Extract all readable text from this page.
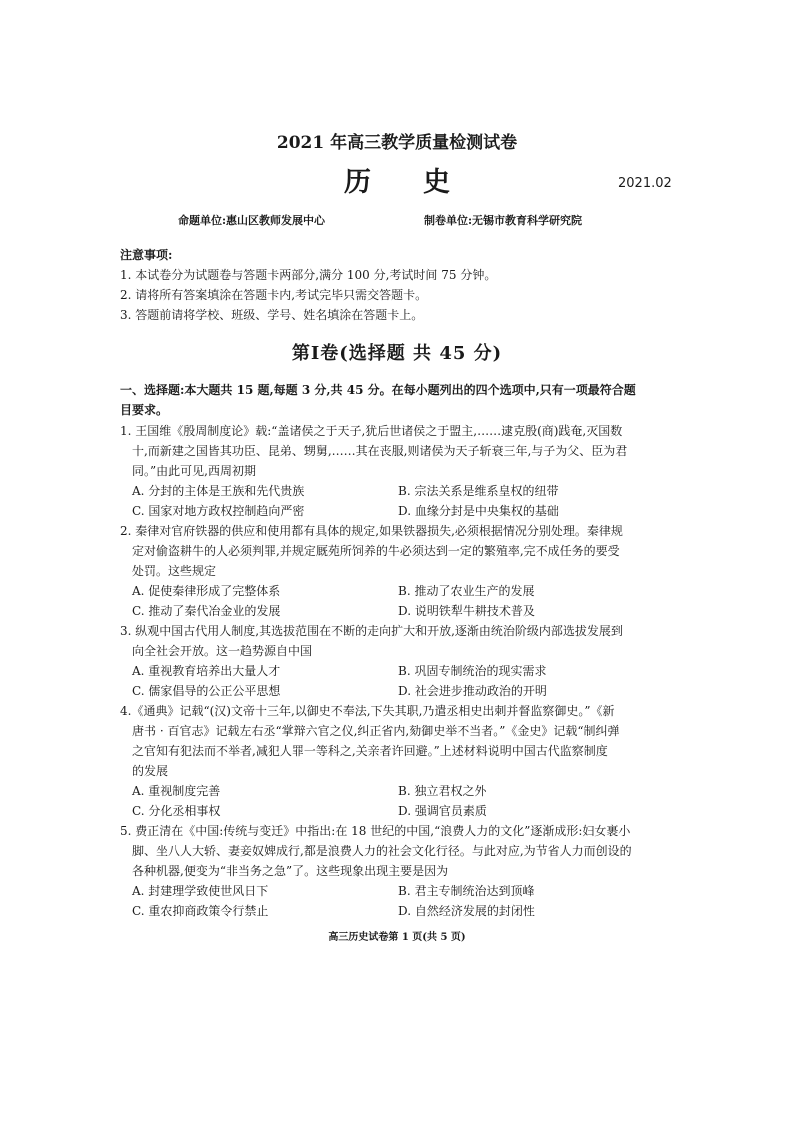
2021 年高三教学质量检测试卷
历史	2021.02
命题单位:惠山区教师发展中心	制卷单位:无锡市教育科学研究院
注意事项:
1. 本试卷分为试题卷与答题卡两部分,满分 100 分,考试时间 75 分钟。
2. 请将所有答案填涂在答题卡内,考试完毕只需交答题卡。
3. 答题前请将学校、班级、学号、姓名填涂在答题卡上。
第Ⅰ卷(选择题 共 45 分)
一、选择题:本大题共 15 题,每题 3 分,共 45 分。在每小题列出的四个选项中,只有一项最符合题
目要求。
1. 王国维《殷周制度论》载:“盖诸侯之于天子,犹后世诸侯之于盟主,……逮克殷(商)践奄,灭国数
十,而新建之国皆其功臣、昆弟、甥舅,……其在丧服,则诸侯为天子斩衰三年,与子为父、臣为君
同。”由此可见,西周初期
A. 分封的主体是王族和先代贵族	B. 宗法关系是维系皇权的纽带
C. 国家对地方政权控制趋向严密	D. 血缘分封是中央集权的基础
2. 秦律对官府铁器的供应和使用都有具体的规定,如果铁器损失,必须根据情况分别处理。秦律规
定对偷盗耕牛的人必须判罪,并规定厩苑所饲养的牛必须达到一定的繁殖率,完不成任务的要受
处罚。这些规定
A. 促使秦律形成了完整体系	B. 推动了农业生产的发展
C. 推动了秦代冶金业的发展	D. 说明铁犁牛耕技术普及
3. 纵观中国古代用人制度,其选拔范围在不断的走向扩大和开放,逐渐由统治阶级内部选拔发展到
向全社会开放。这一趋势源自中国
A. 重视教育培养出大量人才	B. 巩固专制统治的现实需求
C. 儒家倡导的公正公平思想	D. 社会进步推动政治的开明
4.《通典》记载“(汉)文帝十三年,以御史不奉法,下失其职,乃遣丞相史出刺并督监察御史。”《新
唐书 · 百官志》记载左右丞“掌辩六官之仪,纠正省内,劾御史举不当者。”《金史》记载“制纠弹
之官知有犯法而不举者,减犯人罪一等科之,关亲者许回避。”上述材料说明中国古代监察制度
的发展
A. 重视制度完善	B. 独立君权之外
C. 分化丞相事权	D. 强调官员素质
5. 费正清在《中国:传统与变迁》中指出:在 18 世纪的中国,“浪费人力的文化”逐渐成形:妇女裹小
脚、坐八人大轿、妻妾奴婢成行,都是浪费人力的社会文化行径。与此对应,为节省人力而创设的
各种机器,便变为“非当务之急”了。这些现象出现主要是因为
A. 封建理学致使世风日下	B. 君主专制统治达到顶峰
C. 重农抑商政策令行禁止	D. 自然经济发展的封闭性
高三历史试卷第 1 页(共 5 页)
